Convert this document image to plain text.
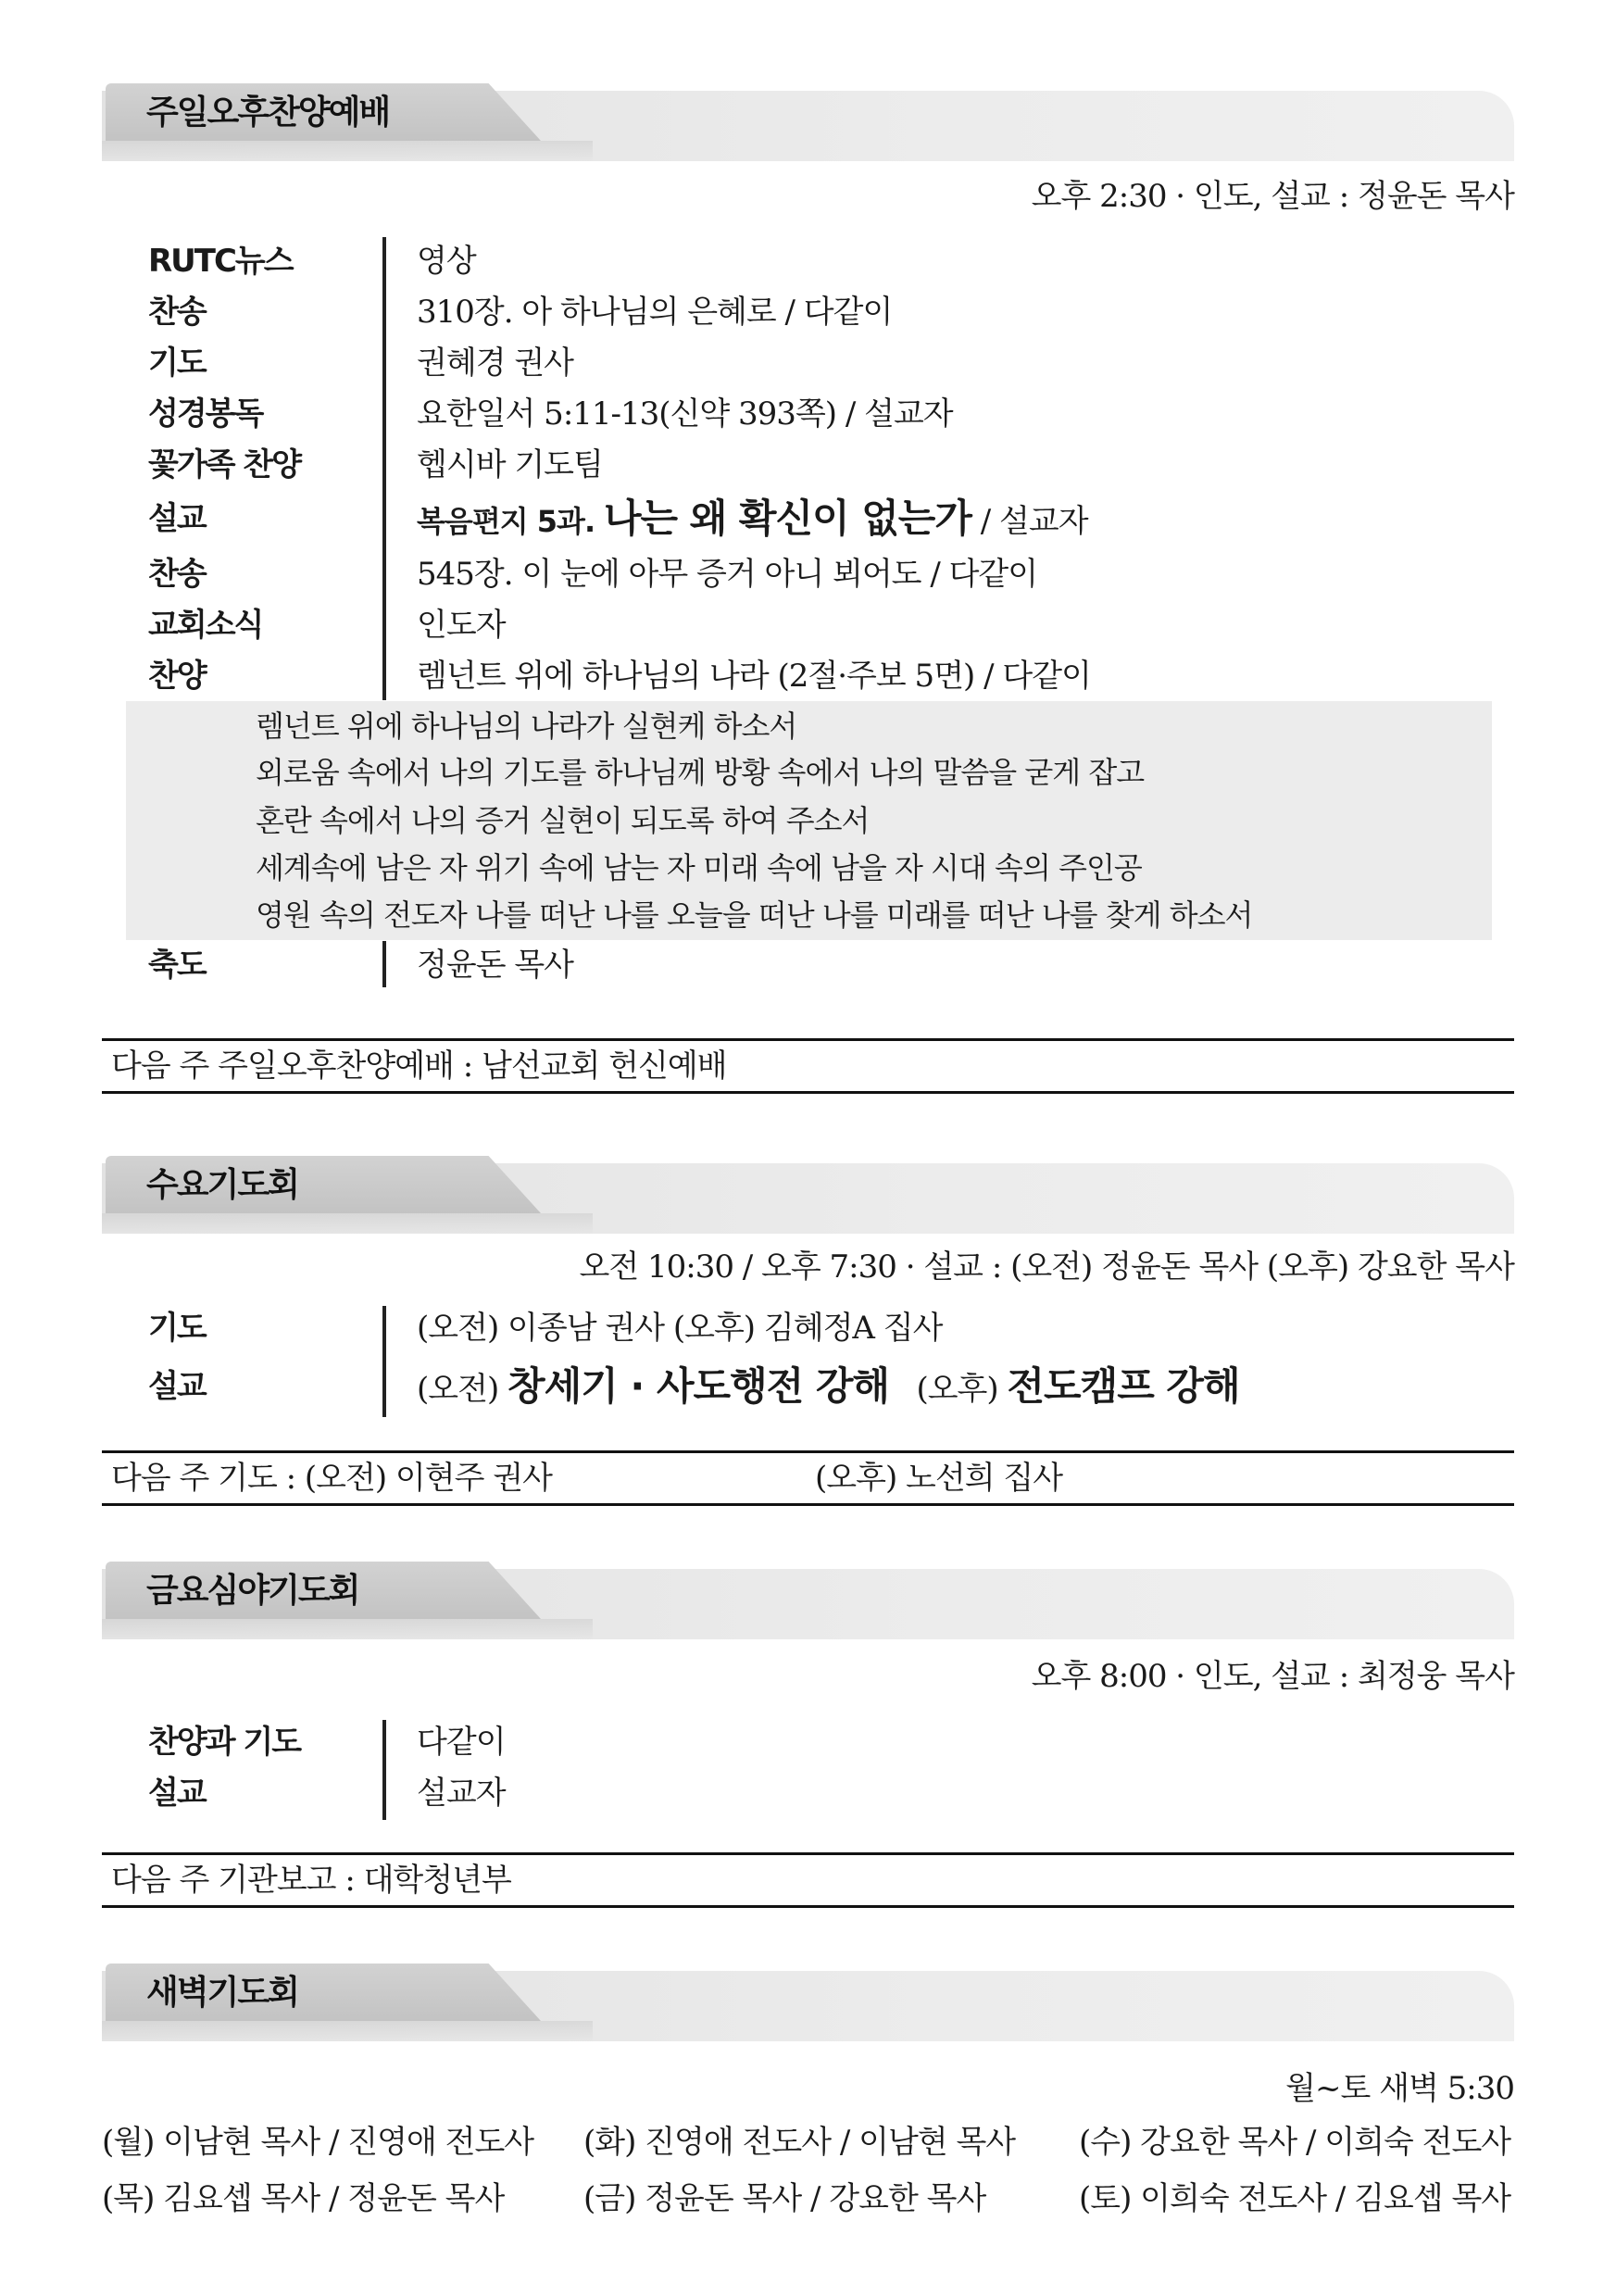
주일오후찬양예배
오후 2:30 · 인도, 설교 : 정윤돈 목사
RUTC뉴스	영상
찬송	310장. 아 하나님의 은혜로 / 다같이
기도	권혜경 권사
성경봉독	요한일서 5:11-13(신약 393쪽) / 설교자
꽃가족 찬양	헵시바 기도팀
설교	복음편지 5과. 나는 왜 확신이 없는가 / 설교자
찬송	545장. 이 눈에 아무 증거 아니 뵈어도 / 다같이
교회소식	인도자
찬양	렘넌트 위에 하나님의 나라 (2절·주보 5면) / 다같이
축도	정윤돈 목사
렘넌트 위에 하나님의 나라가 실현케 하소서
외로움 속에서 나의 기도를 하나님께 방황 속에서 나의 말씀을 굳게 잡고
혼란 속에서 나의 증거 실현이 되도록 하여 주소서
세계속에 남은 자 위기 속에 남는 자 미래 속에 남을 자 시대 속의 주인공
영원 속의 전도자 나를 떠난 나를 오늘을 떠난 나를 미래를 떠난 나를 찾게 하소서
다음 주 주일오후찬양예배 : 남선교회 헌신예배
수요기도회
오전 10:30 / 오후 7:30 · 설교 : (오전) 정윤돈 목사 (오후) 강요한 목사
기도	(오전) 이종남 권사 (오후) 김혜정A 집사
설교	(오전) 창세기 · 사도행전 강해 (오후) 전도캠프 강해
다음 주 기도 : (오전) 이현주 권사	(오후) 노선희 집사
금요심야기도회
오후 8:00 · 인도, 설교 : 최정웅 목사
찬양과 기도	다같이
설교	설교자
다음 주 기관보고 : 대학청년부
새벽기도회
월~토 새벽 5:30
(월) 이남현 목사 / 진영애 전도사 (화) 진영애 전도사 / 이남현 목사 (수) 강요한 목사 / 이희숙 전도사
(목) 김요셉 목사 / 정윤돈 목사	(금) 정윤돈 목사 / 강요한 목사	(토) 이희숙 전도사 / 김요셉 목사
